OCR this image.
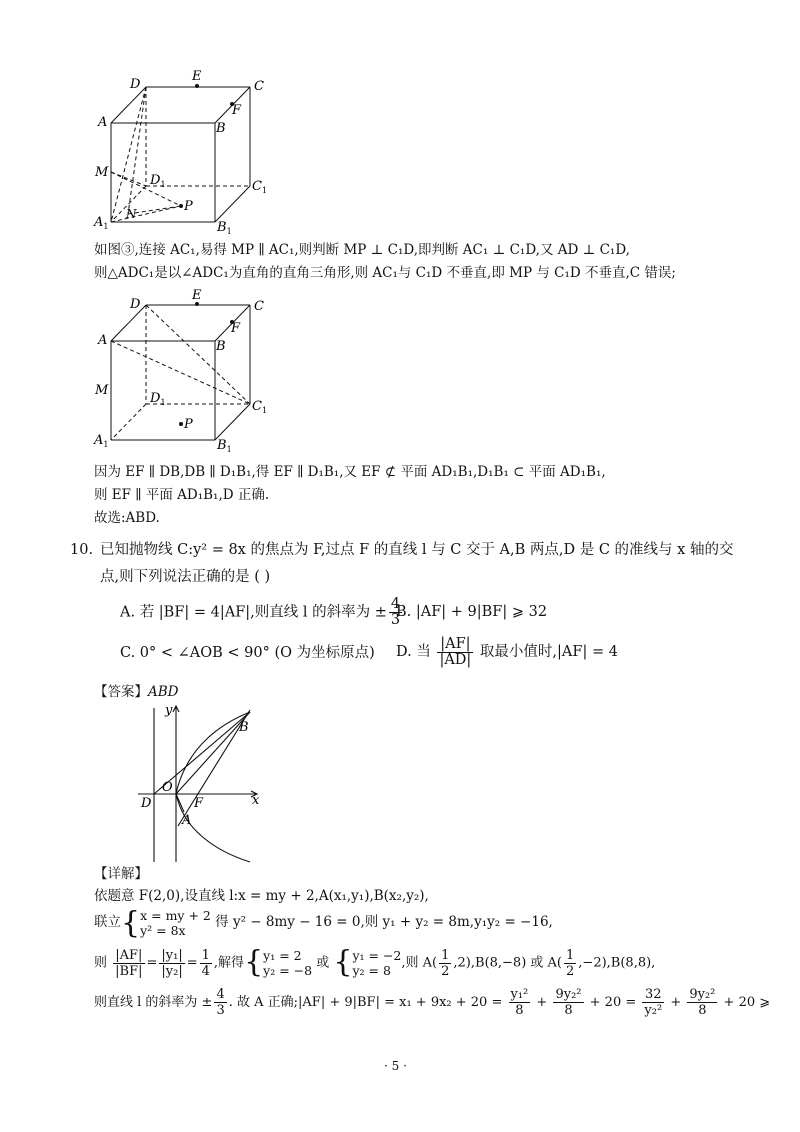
D
E
C
F
A	B
M
$D_1$	$C_1$
$A_1$
N	P
$B_1$
如图③,连接 AC₁,易得 MP ∥ AC₁,则判断 MP ⊥ C₁D,即判断 AC₁ ⊥ C₁D,又 AD ⊥ C₁D,
则△ADC₁是以∠ADC₁为直角的直角三角形,则 AC₁与 C₁D 不垂直,即 MP 与 C₁D 不垂直,C 错误;
D
E
C
F
A	B
M
$D_1$	$C_1$
$A_1$
P
$B_1$
因为 EF ∥ DB,DB ∥ D₁B₁,得 EF ∥ D₁B₁,又 EF ⊄ 平面 AD₁B₁,D₁B₁ ⊂ 平面 AD₁B₁,
则 EF ∥ 平面 AD₁B₁,D 正确.
故选:ABD.
10. 已知抛物线 C:y² = 8x 的焦点为 F,过点 F 的直线 l 与 C 交于 A,B 两点,D 是 C 的准线与 x 轴的交
点,则下列说法正确的是 ( )
A. 若 |BF| = 4|AF|,则直线 l 的斜率为 ± $\frac{4}{3}$
B. |AF| + 9|BF| ⩾ 32
C. 0° < ∠AOB < 90° (O 为坐标原点) D. 当 $\frac{|AF|}{|AD|}$ 取最小值时,|AF| = 4
【答案】ABD
y
x
O
D	F
A
B
【详解】
依题意 F(2,0),设直线 l:x = my + 2,A(x₁,y₁),B(x₂,y₂),
联立{ x = my + 2
y² = 8x
得 y² − 8my − 16 = 0,则 y₁ + y₂ = 8m,y₁y₂ = −16,
则 $\frac{|AF|}{|BF|} = \frac{\text{|y₁|}}{\text{|y₂|}} = \frac{1}{4}$ ,解得{ y₁ = 2
y₂ = −8 或 { y₁ = −2
y₂ = 8 ,则 $A( \frac{1}{2} ,2),B(8,-8)$ 或 $A( \frac{1}{2} ,-2),B(8,8)$,
则直线 l 的斜率为 ± $\frac{4}{3}$ . 故 A 正确;|AF| + $9|BF| = x_1 + 9x_2 + 20 = \frac{\text{y₁²}}{8} + \frac{\text{9y₂²}}{8} + 20 = \frac{32}{\text{y₂²}} + \frac{\text{9y₂²}}{8} + 20$ ⩾
· 5 ·
